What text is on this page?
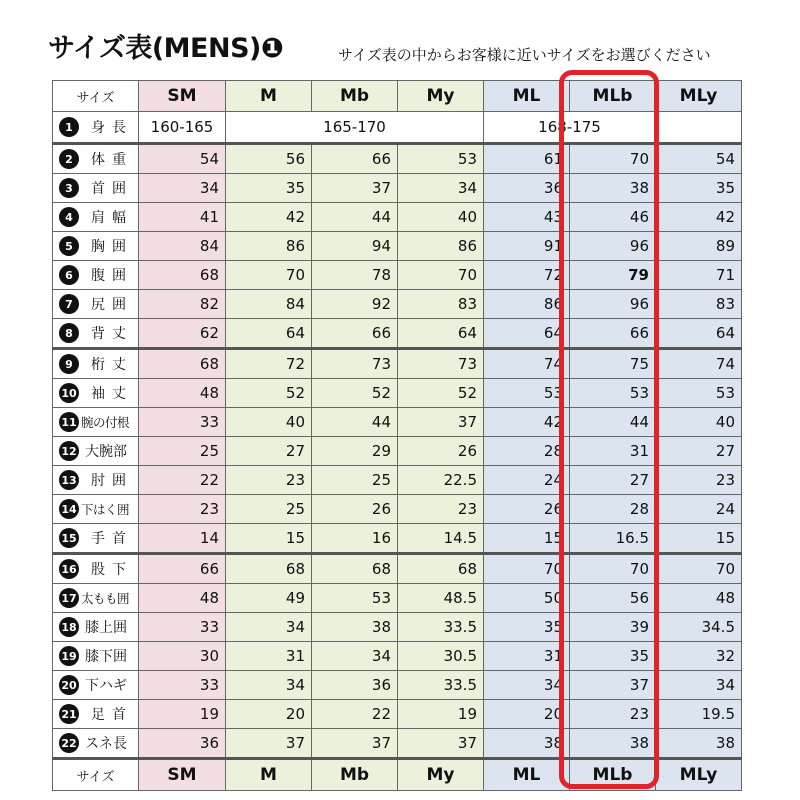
サイズ表(MENS)❶	サイズ表の中からお客様に近いサイズをお選びください
サイズ	SM	M	Mb	My	ML	MLb	MLy

1 身長	160-165	165-170			168-175		

2 体重	54	56	66	53	61	70	54

3 首囲	34	35	37	34	36	38	35

4 肩幅	41	42	44	40	43	46	42

5 胸囲	84	86	94	86	91	96	89

6 腹囲	68	70	78	70	72	79	71

7 尻囲	82	84	92	83	86	96	83

8 背丈	62	64	66	64	64	66	64

9 桁丈	68	72	73	73	74	75	74

10 袖丈	48	52	52	52	53	53	53

11 腕の付根	33	40	44	37	42	44	40

12 大腕部	25	27	29	26	28	31	27

13 肘囲	22	23	25	22.5	24	27	23

14 下はく囲	23	25	26	23	26	28	24

15 手首	14	15	16	14.5	15	16.5	15

16 股下	66	68	68	68	70	70	70

17 太もも囲	48	49	53	48.5	50	56	48

18 膝上囲	33	34	38	33.5	35	39	34.5

19 膝下囲	30	31	34	30.5	31	35	32

20 下ハギ	33	34	36	33.5	34	37	34

21 足首	19	20	22	19	20	23	19.5

22 スネ長	36	37	37	37	38	38	38
サイズ	SM	M	Mb	My	ML	MLb	MLy
